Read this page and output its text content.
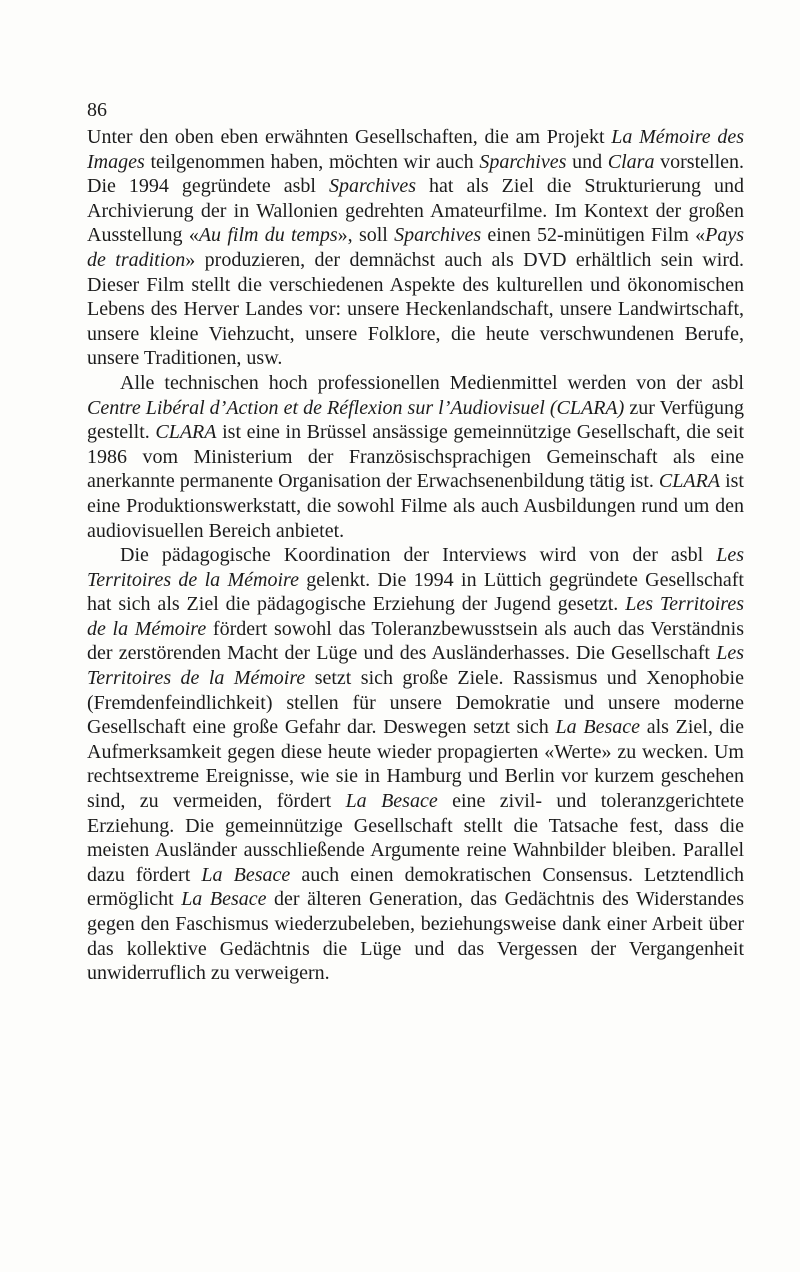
86

Unter den oben eben erwähnten Gesellschaften, die am Projekt La Mémoire des Images teilgenommen haben, möchten wir auch Sparchives und Clara vorstellen. Die 1994 gegründete asbl Sparchives hat als Ziel die Strukturierung und Archivierung der in Wallonien gedrehten Amateurfilme. Im Kontext der großen Ausstellung «Au film du temps», soll Sparchives einen 52-minütigen Film «Pays de tradition» produzieren, der demnächst auch als DVD erhältlich sein wird. Dieser Film stellt die verschiedenen Aspekte des kulturellen und ökonomischen Lebens des Herver Landes vor: unsere Heckenlandschaft, unsere Landwirtschaft, unsere kleine Viehzucht, unsere Folklore, die heute verschwundenen Berufe, unsere Traditionen, usw.

Alle technischen hoch professionellen Medienmittel werden von der asbl Centre Libéral d’Action et de Réflexion sur l’Audiovisuel (CLARA) zur Verfügung gestellt. CLARA ist eine in Brüssel ansässige gemeinnützige Gesellschaft, die seit 1986 vom Ministerium der Französischsprachigen Gemeinschaft als eine anerkannte permanente Organisation der Erwachsenenbildung tätig ist. CLARA ist eine Produktionswerkstatt, die sowohl Filme als auch Ausbildungen rund um den audiovisuellen Bereich anbietet.

Die pädagogische Koordination der Interviews wird von der asbl Les Territoires de la Mémoire gelenkt. Die 1994 in Lüttich gegründete Gesellschaft hat sich als Ziel die pädagogische Erziehung der Jugend gesetzt. Les Territoires de la Mémoire fördert sowohl das Toleranzbewusstsein als auch das Verständnis der zerstörenden Macht der Lüge und des Ausländerhasses. Die Gesellschaft Les Territoires de la Mémoire setzt sich große Ziele. Rassismus und Xenophobie (Fremdenfeindlichkeit) stellen für unsere Demokratie und unsere moderne Gesellschaft eine große Gefahr dar. Deswegen setzt sich La Besace als Ziel, die Aufmerksamkeit gegen diese heute wieder propagierten «Werte» zu wecken. Um rechtsextreme Ereignisse, wie sie in Hamburg und Berlin vor kurzem geschehen sind, zu vermeiden, fördert La Besace eine zivil- und toleranzgerichtete Erziehung. Die gemeinnützige Gesellschaft stellt die Tatsache fest, dass die meisten Ausländer ausschließende Argumente reine Wahnbilder bleiben. Parallel dazu fördert La Besace auch einen demokratischen Consensus. Letztendlich ermöglicht La Besace der älteren Generation, das Gedächtnis des Widerstandes gegen den Faschismus wiederzubeleben, beziehungsweise dank einer Arbeit über das kollektive Gedächtnis die Lüge und das Vergessen der Vergangenheit unwiderruflich zu verweigern.
